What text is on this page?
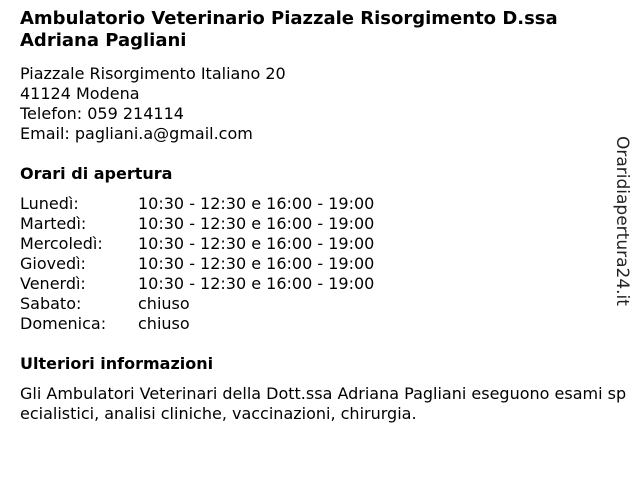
Ambulatorio Veterinario Piazzale Risorgimento D.ssa Adriana Pagliani
Piazzale Risorgimento Italiano 20
41124 Modena
Telefon: 059 214114
Email: pagliani.a@gmail.com
Orari di apertura
Lunedì:	10:30 - 12:30 e 16:00 - 19:00
Martedì:	10:30 - 12:30 e 16:00 - 19:00
Mercoledì:	10:30 - 12:30 e 16:00 - 19:00
Giovedì:	10:30 - 12:30 e 16:00 - 19:00
Venerdì:	10:30 - 12:30 e 16:00 - 19:00
Sabato:	chiuso
Domenica:	chiuso
Ulteriori informazioni
Gli Ambulatori Veterinari della Dott.ssa Adriana Pagliani eseguono esami specialistici, analisi cliniche, vaccinazioni, chirurgia.
Oraridiapertura24.it
